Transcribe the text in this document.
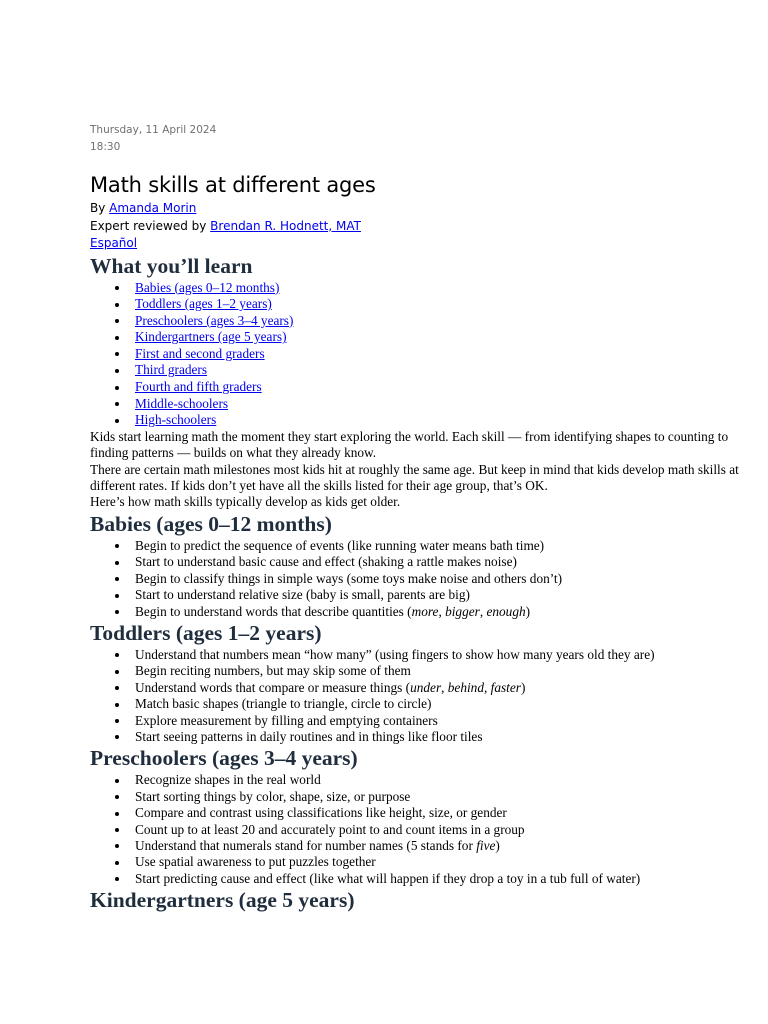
Thursday, 11 April 2024
18:30
Math skills at different ages
By Amanda Morin
Expert reviewed by Brendan R. Hodnett, MAT
Español
What you’ll learn
Babies (ages 0–12 months)
Toddlers (ages 1–2 years)
Preschoolers (ages 3–4 years)
Kindergartners (age 5 years)
First and second graders
Third graders
Fourth and fifth graders
Middle-schoolers
High-schoolers

Kids start learning math the moment they start exploring the world. Each skill — from identifying shapes to counting to finding patterns — builds on what they already know.

There are certain math milestones most kids hit at roughly the same age. But keep in mind that kids develop math skills at different rates. If kids don’t yet have all the skills listed for their age group, that’s OK.

Here’s how math skills typically develop as kids get older.

Babies (ages 0–12 months)
Begin to predict the sequence of events (like running water means bath time)
Start to understand basic cause and effect (shaking a rattle makes noise)
Begin to classify things in simple ways (some toys make noise and others don’t)
Start to understand relative size (baby is small, parents are big)
Begin to understand words that describe quantities (more, bigger, enough)
Toddlers (ages 1–2 years)
Understand that numbers mean “how many” (using fingers to show how many years old they are)
Begin reciting numbers, but may skip some of them
Understand words that compare or measure things (under, behind, faster)
Match basic shapes (triangle to triangle, circle to circle)
Explore measurement by filling and emptying containers
Start seeing patterns in daily routines and in things like floor tiles
Preschoolers (ages 3–4 years)
Recognize shapes in the real world
Start sorting things by color, shape, size, or purpose
Compare and contrast using classifications like height, size, or gender
Count up to at least 20 and accurately point to and count items in a group
Understand that numerals stand for number names (5 stands for five)
Use spatial awareness to put puzzles together
Start predicting cause and effect (like what will happen if they drop a toy in a tub full of water)
Kindergartners (age 5 years)
